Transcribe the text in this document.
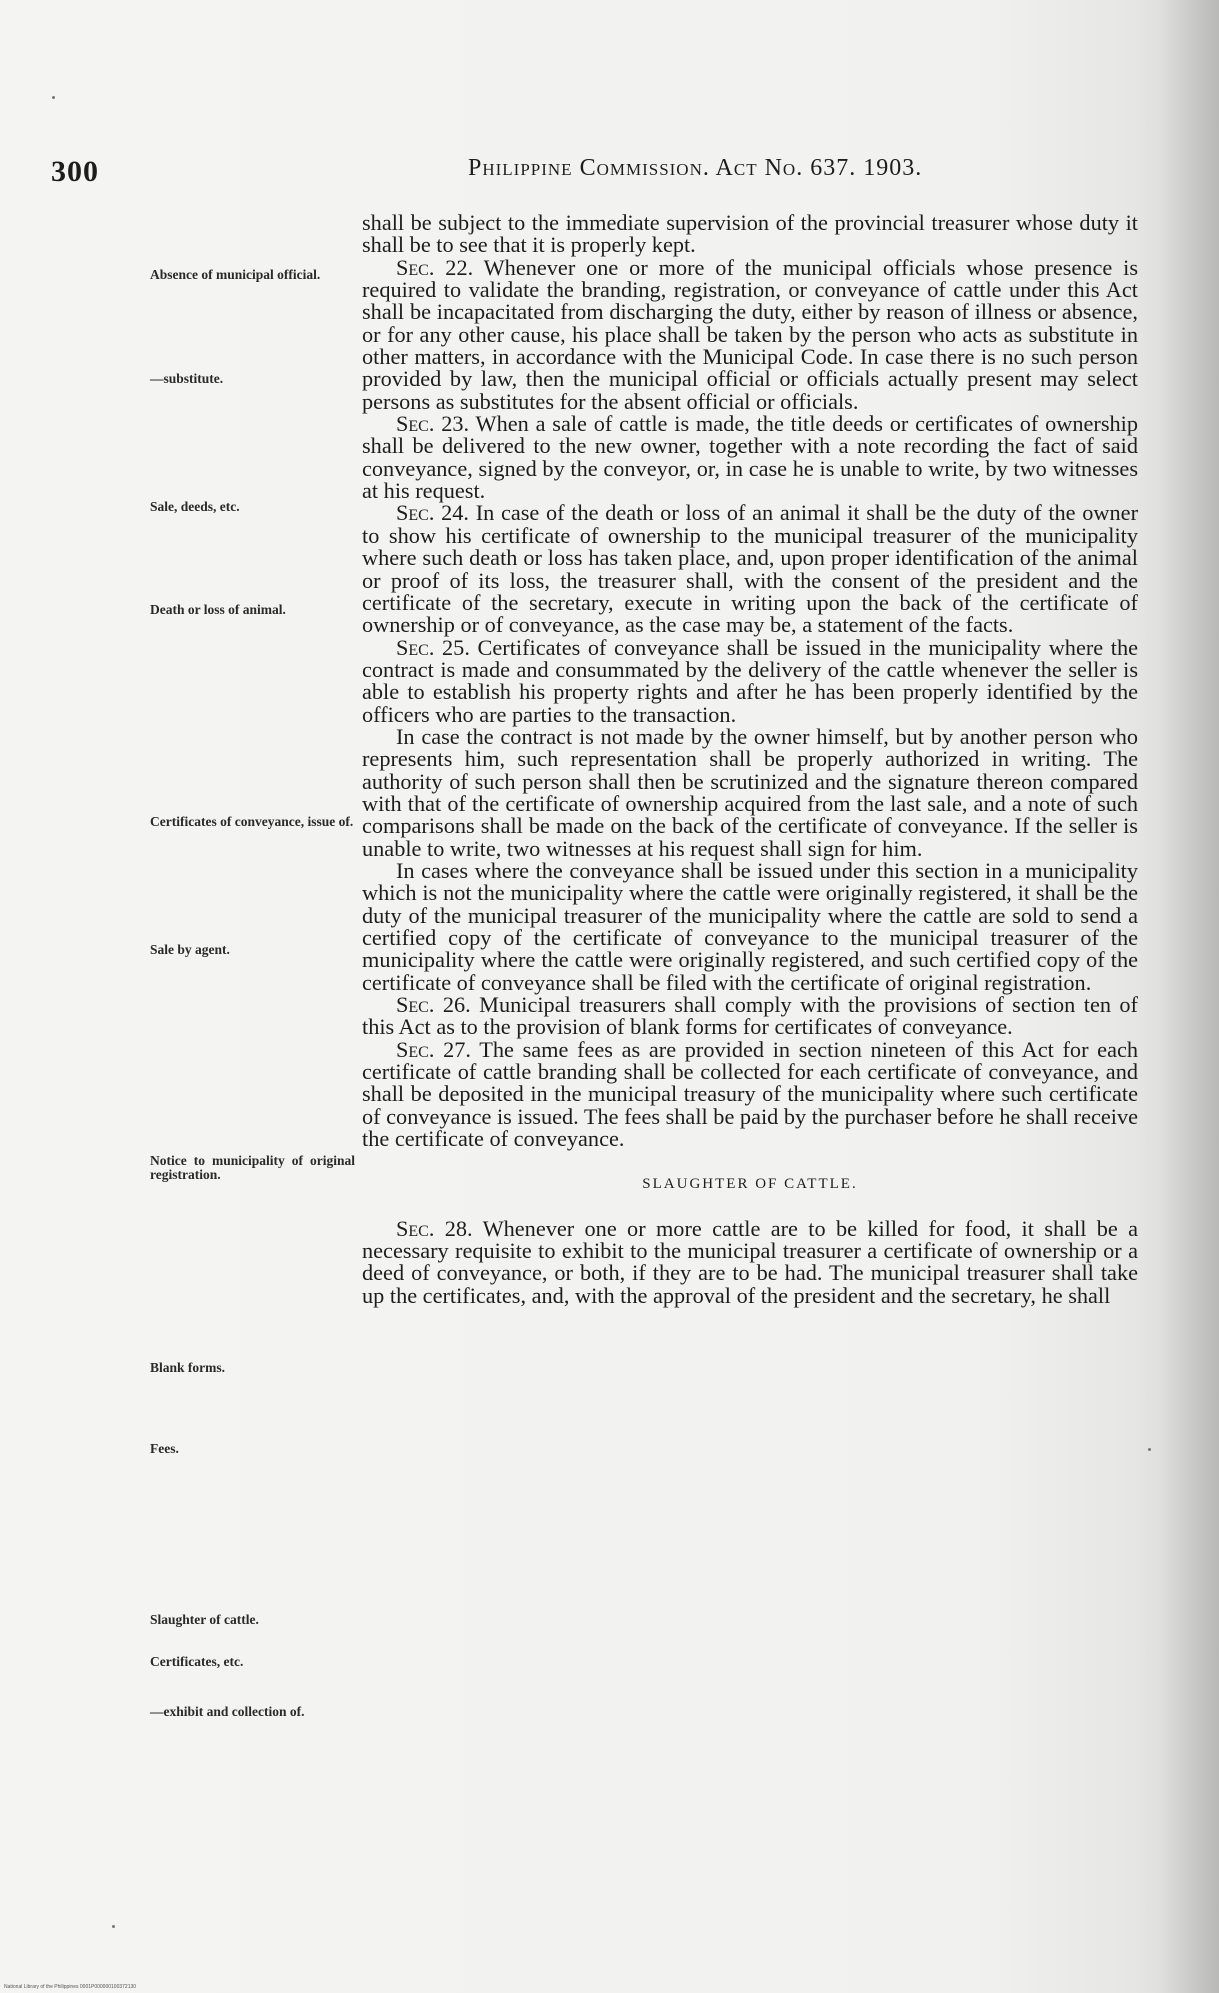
300	Philippine Commission. Act No. 637. 1903.
Absence of municipal official.
—substitute.
Sale, deeds, etc.
Death or loss of animal.
Certificates of conveyance, issue of.
Sale by agent.
Notice to municipality of original registration.
Blank forms.
Fees.
Slaughter of cattle.
Certificates, etc.
—exhibit and collection of.

shall be subject to the immediate supervision of the provincial treasurer whose duty it shall be to see that it is properly kept.

Sec. 22. Whenever one or more of the municipal officials whose presence is required to validate the branding, registration, or conveyance of cattle under this Act shall be incapacitated from discharging the duty, either by reason of illness or absence, or for any other cause, his place shall be taken by the person who acts as substitute in other matters, in accordance with the Municipal Code. In case there is no such person provided by law, then the municipal official or officials actually present may select persons as substitutes for the absent official or officials.

Sec. 23. When a sale of cattle is made, the title deeds or certificates of ownership shall be delivered to the new owner, together with a note recording the fact of said conveyance, signed by the conveyor, or, in case he is unable to write, by two witnesses at his request.

Sec. 24. In case of the death or loss of an animal it shall be the duty of the owner to show his certificate of ownership to the municipal treasurer of the municipality where such death or loss has taken place, and, upon proper identification of the animal or proof of its loss, the treasurer shall, with the consent of the president and the certificate of the secretary, execute in writing upon the back of the certificate of ownership or of conveyance, as the case may be, a statement of the facts.

Sec. 25. Certificates of conveyance shall be issued in the municipality where the contract is made and consummated by the delivery of the cattle whenever the seller is able to establish his property rights and after he has been properly identified by the officers who are parties to the transaction.

In case the contract is not made by the owner himself, but by another person who represents him, such representation shall be properly authorized in writing. The authority of such person shall then be scrutinized and the signature thereon compared with that of the certificate of ownership acquired from the last sale, and a note of such comparisons shall be made on the back of the certificate of conveyance. If the seller is unable to write, two witnesses at his request shall sign for him.

In cases where the conveyance shall be issued under this section in a municipality which is not the municipality where the cattle were originally registered, it shall be the duty of the municipal treasurer of the municipality where the cattle are sold to send a certified copy of the certificate of conveyance to the municipal treasurer of the municipality where the cattle were originally registered, and such certified copy of the certificate of conveyance shall be filed with the certificate of original registration.

Sec. 26. Municipal treasurers shall comply with the provisions of section ten of this Act as to the provision of blank forms for certificates of conveyance.

Sec. 27. The same fees as are provided in section nineteen of this Act for each certificate of cattle branding shall be collected for each certificate of conveyance, and shall be deposited in the municipal treasury of the municipality where such certificate of conveyance is issued. The fees shall be paid by the purchaser before he shall receive the certificate of conveyance.

SLAUGHTER OF CATTLE.

Sec. 28. Whenever one or more cattle are to be killed for food, it shall be a necessary requisite to exhibit to the municipal treasurer a certificate of ownership or a deed of conveyance, or both, if they are to be had. The municipal treasurer shall take up the certificates, and, with the approval of the president and the secretary, he shall

National Library of the Philippines 0001P000000100372130
